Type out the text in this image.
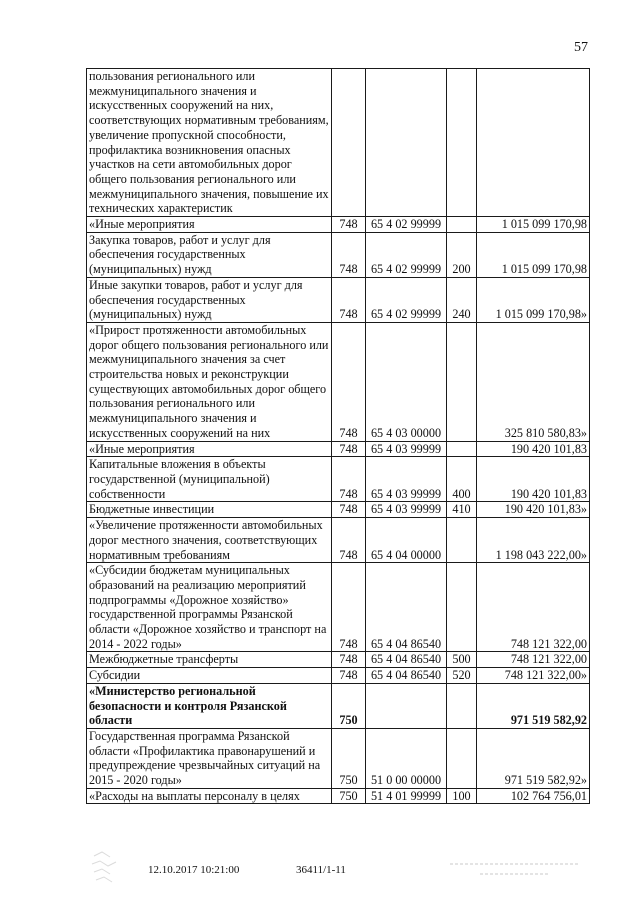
57
пользования регионального или межмуниципального значения и искусственных сооружений на них, соответствующих нормативным требованиям, увеличение пропускной способности, профилактика возникновения опасных участков на сети автомобильных дорог общего пользования регионального или межмуниципального значения, повышение их технических характеристик				
«Иные мероприятия	748	65 4 02 99999		1 015 099 170,98
Закупка товаров, работ и услуг для обеспечения государственных (муниципальных) нужд	748	65 4 02 99999	200	1 015 099 170,98
Иные закупки товаров, работ и услуг для обеспечения государственных (муниципальных) нужд	748	65 4 02 99999	240	1 015 099 170,98»
«Прирост протяженности автомобильных дорог общего пользования регионального или межмуниципального значения за счет строительства новых и реконструкции существующих автомобильных дорог общего пользования регионального или межмуниципального значения и искусственных сооружений на них	748	65 4 03 00000		325 810 580,83»
«Иные мероприятия	748	65 4 03 99999		190 420 101,83
Капитальные вложения в объекты государственной (муниципальной) собственности	748	65 4 03 99999	400	190 420 101,83
Бюджетные инвестиции	748	65 4 03 99999	410	190 420 101,83»
«Увеличение протяженности автомобильных дорог местного значения, соответствующих нормативным требованиям	748	65 4 04 00000		1 198 043 222,00»
«Субсидии бюджетам муниципальных образований на реализацию мероприятий подпрограммы «Дорожное хозяйство» государственной программы Рязанской области «Дорожное хозяйство и транспорт на 2014 - 2022 годы»	748	65 4 04 86540		748 121 322,00
Межбюджетные трансферты	748	65 4 04 86540	500	748 121 322,00
Субсидии	748	65 4 04 86540	520	748 121 322,00»
«Министерство региональной безопасности и контроля Рязанской области	750			971 519 582,92
Государственная программа Рязанской области «Профилактика правонарушений и предупреждение чрезвычайных ситуаций на 2015 - 2020 годы»	750	51 0 00 00000		971 519 582,92»
«Расходы на выплаты персоналу в целях	750	51 4 01 99999	100	102 764 756,01
12.10.2017 10:21:00	36411/1-11
